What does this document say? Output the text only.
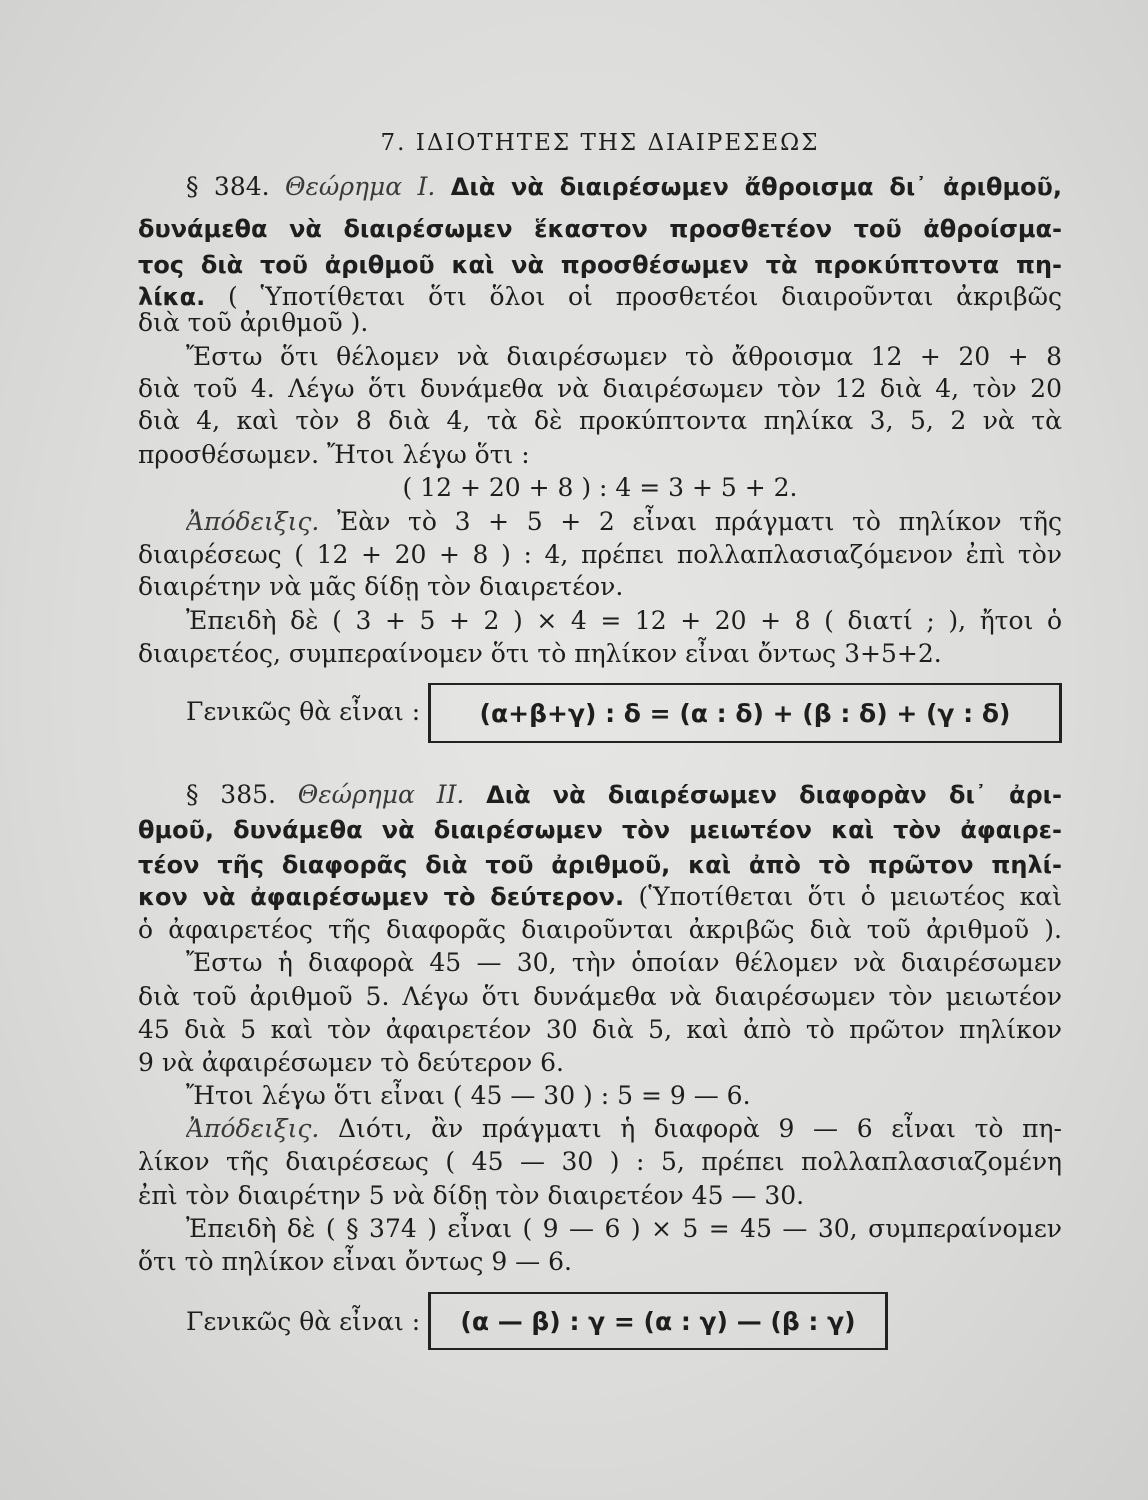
7. ΙΔΙΟΤΗΤΕΣ ΤΗΣ ΔΙΑΙΡΕΣΕΩΣ
§ 384. Θεώρημα Ι. Διὰ νὰ διαιρέσωμεν ἄθροισμα δι᾽ ἀριθμοῦ,
δυνάμεθα νὰ διαιρέσωμεν ἕκαστον προσθετέον τοῦ ἀθροίσμα-
τος διὰ τοῦ ἀριθμοῦ καὶ νὰ προσθέσωμεν τὰ προκύπτοντα πη-
λίκα. ( Ὑποτίθεται ὅτι ὅλοι οἱ προσθετέοι διαιροῦνται ἀκριβῶς
διὰ τοῦ ἀριθμοῦ ).
Ἔστω ὅτι θέλομεν νὰ διαιρέσωμεν τὸ ἄθροισμα 12 + 20 + 8
διὰ τοῦ 4. Λέγω ὅτι δυνάμεθα νὰ διαιρέσωμεν τὸν 12 διὰ 4, τὸν 20
διὰ 4, καὶ τὸν 8 διὰ 4, τὰ δὲ προκύπτοντα πηλίκα 3, 5, 2 νὰ τὰ
προσθέσωμεν. Ἤτοι λέγω ὅτι :
( 12 + 20 + 8 ) : 4 = 3 + 5 + 2.
Ἀπόδειξις. Ἐὰν τὸ 3 + 5 + 2 εἶναι πράγματι τὸ πηλίκον τῆς
διαιρέσεως ( 12 + 20 + 8 ) : 4, πρέπει πολλαπλασιαζόμενον ἐπὶ τὸν
διαιρέτην νὰ μᾶς δίδῃ τὸν διαιρετέον.
Ἐπειδὴ δὲ ( 3 + 5 + 2 ) × 4 = 12 + 20 + 8 ( διατί ; ), ἤτοι ὁ
διαιρετέος, συμπεραίνομεν ὅτι τὸ πηλίκον εἶναι ὄντως 3+5+2.
Γενικῶς θὰ εἶναι : (α+β+γ) : δ = (α : δ) + (β : δ) + (γ : δ)
§ 385. Θεώρημα ΙΙ. Διὰ νὰ διαιρέσωμεν διαφορὰν δι᾽ ἀρι-
θμοῦ, δυνάμεθα νὰ διαιρέσωμεν τὸν μειωτέον καὶ τὸν ἀφαιρε-
τέον τῆς διαφορᾶς διὰ τοῦ ἀριθμοῦ, καὶ ἀπὸ τὸ πρῶτον πηλί-
κον νὰ ἀφαιρέσωμεν τὸ δεύτερον. (Ὑποτίθεται ὅτι ὁ μειωτέος καὶ
ὁ ἀφαιρετέος τῆς διαφορᾶς διαιροῦνται ἀκριβῶς διὰ τοῦ ἀριθμοῦ ).
Ἔστω ἡ διαφορὰ 45 — 30, τὴν ὁποίαν θέλομεν νὰ διαιρέσωμεν
διὰ τοῦ ἀριθμοῦ 5. Λέγω ὅτι δυνάμεθα νὰ διαιρέσωμεν τὸν μειωτέον
45 διὰ 5 καὶ τὸν ἀφαιρετέον 30 διὰ 5, καὶ ἀπὸ τὸ πρῶτον πηλίκον
9 νὰ ἀφαιρέσωμεν τὸ δεύτερον 6.
Ἤτοι λέγω ὅτι εἶναι ( 45 — 30 ) : 5 = 9 — 6.
Ἀπόδειξις. Διότι, ἂν πράγματι ἡ διαφορὰ 9 — 6 εἶναι τὸ πη-
λίκον τῆς διαιρέσεως ( 45 — 30 ) : 5, πρέπει πολλαπλασιαζομένη
ἐπὶ τὸν διαιρέτην 5 νὰ δίδῃ τὸν διαιρετέον 45 — 30.
Ἐπειδὴ δὲ ( § 374 ) εἶναι ( 9 — 6 ) × 5 = 45 — 30, συμπεραίνομεν
ὅτι τὸ πηλίκον εἶναι ὄντως 9 — 6.
Γενικῶς θὰ εἶναι : (α — β) : γ = (α : γ) — (β : γ)
